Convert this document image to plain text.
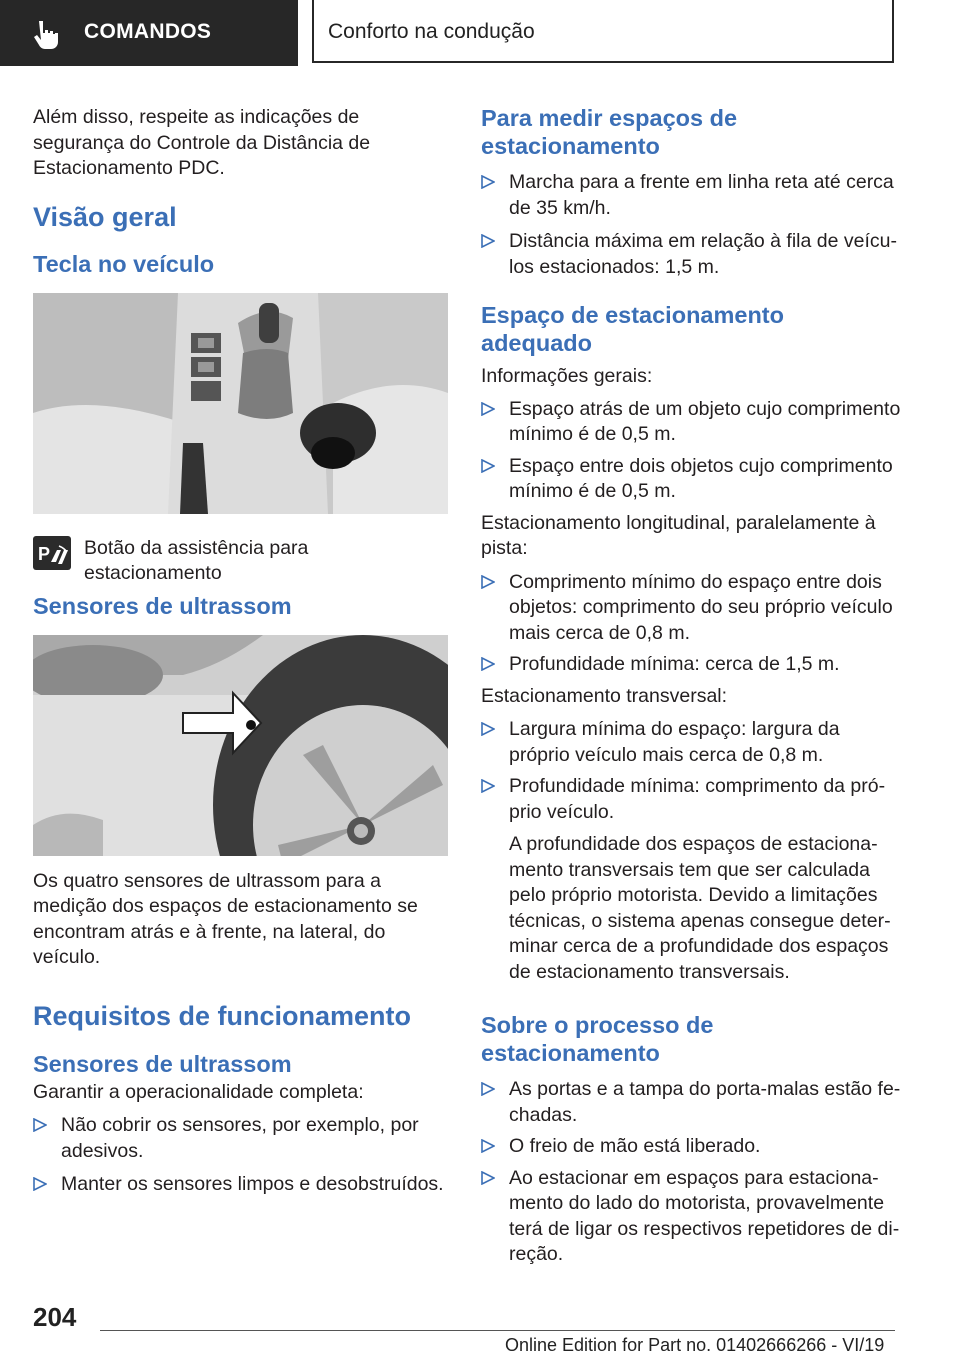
COMANDOS	Conforto na condução

Além disso, respeite as indicações de segurança do Controle da Distância de Estacionamento PDC.

Visão geral
Tecla no veículo
P Botão da assistência para estacionamento
Sensores de ultrassom

Os quatro sensores de ultrassom para a medição dos espaços de estacionamento se encontram atrás e à frente, na lateral, do veículo.

Requisitos de funcionamento
Sensores de ultrassom

Garantir a operacionalidade completa:

Não cobrir os sensores, por exemplo, por adesivos.
Manter os sensores limpos e desobstruídos.
Para medir espaços de estacionamento
Marcha para a frente em linha reta até cerca de 35 km/h.
Distância máxima em relação à fila de veículos estacionados: 1,5 m.
Espaço de estacionamento adequado

Informações gerais:

Espaço atrás de um objeto cujo comprimento mínimo é de 0,5 m.
Espaço entre dois objetos cujo comprimento mínimo é de 0,5 m.

Estacionamento longitudinal, paralelamente à pista:

Comprimento mínimo do espaço entre dois objetos: comprimento do seu próprio veículo mais cerca de 0,8 m.
Profundidade mínima: cerca de 1,5 m.

Estacionamento transversal:

Largura mínima do espaço: largura da próprio veículo mais cerca de 0,8 m.
Profundidade mínima: comprimento da próprio veículo.

A profundidade dos espaços de estacionamento transversais tem que ser calculada pelo próprio motorista. Devido a limitações técnicas, o sistema apenas consegue determinar cerca de a profundidade dos espaços de estacionamento transversais.

Sobre o processo de estacionamento
As portas e a tampa do porta-malas estão fechadas.
O freio de mão está liberado.
Ao estacionar em espaços para estacionamento do lado do motorista, provavelmente terá de ligar os respectivos repetidores de direção.
204
Online Edition for Part no. 01402666266 - VI/19
